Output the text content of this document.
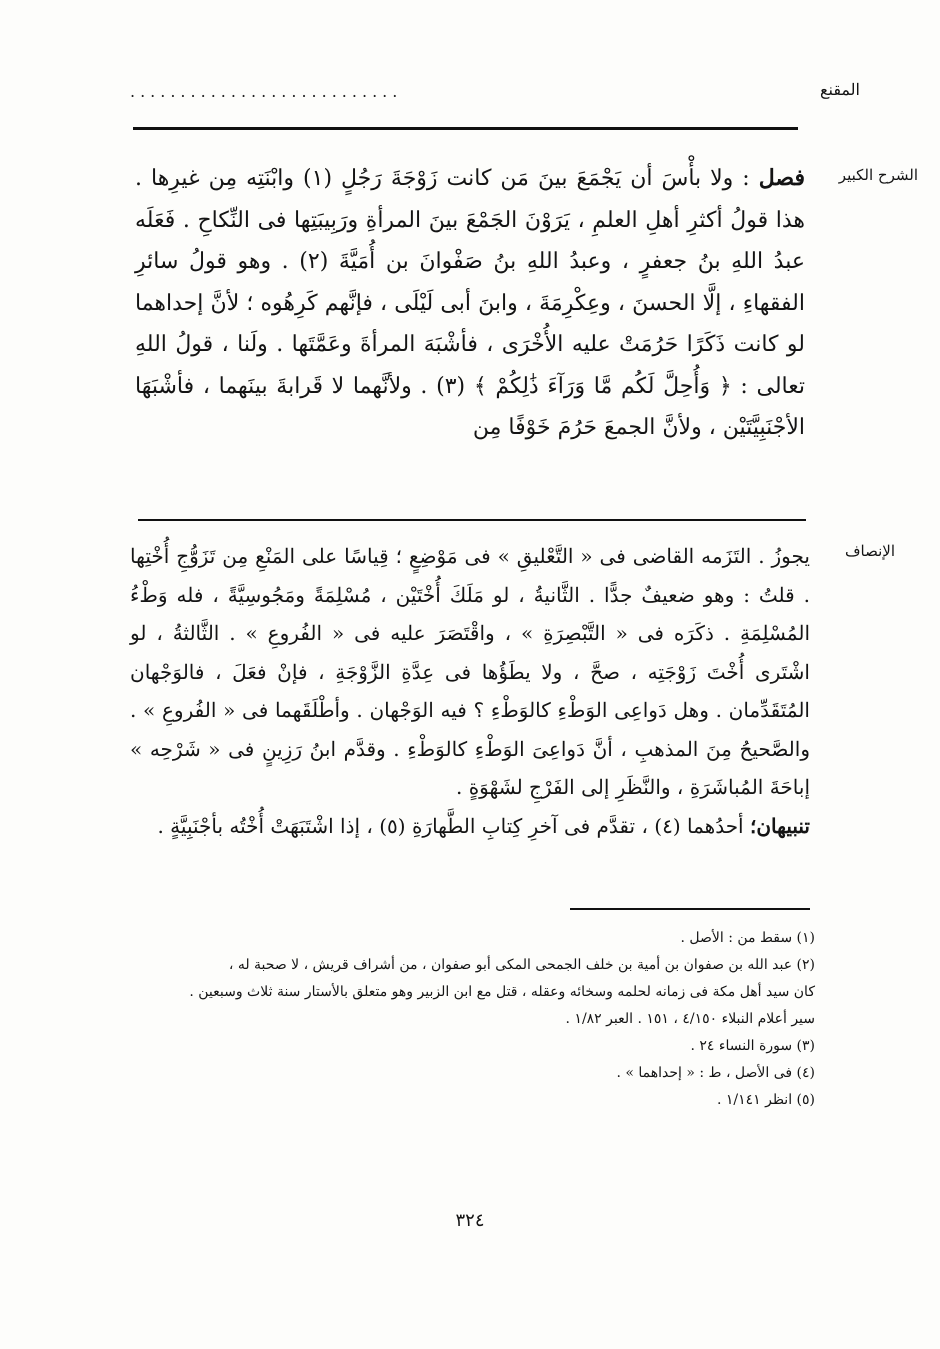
المقنع
...........................
الشرح الكبير
فصل : ولا بأْسَ أن يَجْمَعَ بينَ مَن كانت زَوْجَةَ رَجُلٍ (١) وابْنَتِه مِن غيرِها . هذا قولُ أكثرِ أهلِ العلمِ ، يَرَوْنَ الجَمْعَ بينَ المرأةِ ورَبِيبَتِها فى النِّكاحِ . فَعَلَه عبدُ اللهِ بنُ جعفرٍ ، وعبدُ اللهِ بنُ صَفْوانَ بن أُمَيَّةَ (٢) . وهو قولُ سائرِ الفقهاءِ ، إلَّا الحسنَ ، وعِكْرِمَةَ ، وابنَ أبى لَيْلَى ، فإنَّهم كَرِهُوه ؛ لأنَّ إحداهما لو كانت ذَكَرًا حَرُمَتْ عليه الأُخْرَى ، فأشْبَهَ المرأةَ وعَمَّتَها . ولَنا ، قولُ اللهِ تعالى : ﴿ وَأُحِلَّ لَكُم مَّا وَرَآءَ ذَٰلِكُمْ ﴾ (٣) . ولأنَّهما لا قَرابةَ بينَهما ، فأشْبَهَا الأجْنَبِيَّتَيْن ، ولأنَّ الجمعَ حَرُمَ خَوْفًا مِن
الإنصاف
يجوزُ . التَزَمه القاضى فى « التَّعْليقِ » فى مَوْضِعٍ ؛ قِياسًا على المَنْعِ مِن تَزَوُّجِ أُخْتِها . قلتُ : وهو ضعيفٌ جدًّا . الثَّانيةُ ، لو مَلَكَ أُخْتَيْن ، مُسْلِمَةً ومَجُوسِيَّةً ، فله وَطْءُ المُسْلِمَةِ . ذكَرَه فى « التَّبْصِرَةِ » ، واقْتَصَرَ عليه فى « الفُروعِ » . الثَّالثةُ ، لو اشْتَرى أُخْتَ زَوْجَتِه ، صحَّ ، ولا يطَؤُها فى عِدَّةِ الزَّوْجَةِ ، فإنْ فعَلَ ، فالوَجْهان المُتَقَدِّمان . وهل دَواعِى الوَطْءِ كالوَطْءِ ؟ فيه الوَجْهان . وأطْلَقَهما فى « الفُروعِ » . والصَّحيحُ مِنَ المذهبِ ، أنَّ دَواعِىَ الوَطْءِ كالوَطْءِ . وقدَّم ابنُ رَزِينٍ فى « شَرْحِه » إباحَةَ المُباشَرَةِ ، والنَّظَرِ إلى الفَرْجِ لشَهْوَةٍ .
تنبيهان؛ أحدُهما (٤) ، تقدَّم فى آخرِ كِتابِ الطَّهارَةِ (٥) ، إذا اشْتَبَهَتْ أُخْتُه بأجْنَبِيَّةٍ .

(١) سقط من : الأصل .

(٢) عبد الله بن صفوان بن أمية بن خلف الجمحى المكى أبو صفوان ، من أشراف قريش ، لا صحبة له ،

كان سيد أهل مكة فى زمانه لحلمه وسخائه وعقله ، قتل مع ابن الزبير وهو متعلق بالأستار سنة ثلاث وسبعين .

سير أعلام النبلاء ٤/١٥٠ ، ١٥١ . العبر ١/٨٢ .

(٣) سورة النساء ٢٤ .

(٤) فى الأصل ، ط : « إحداهما » .

(٥) انظر ١/١٤١ .

٣٢٤
